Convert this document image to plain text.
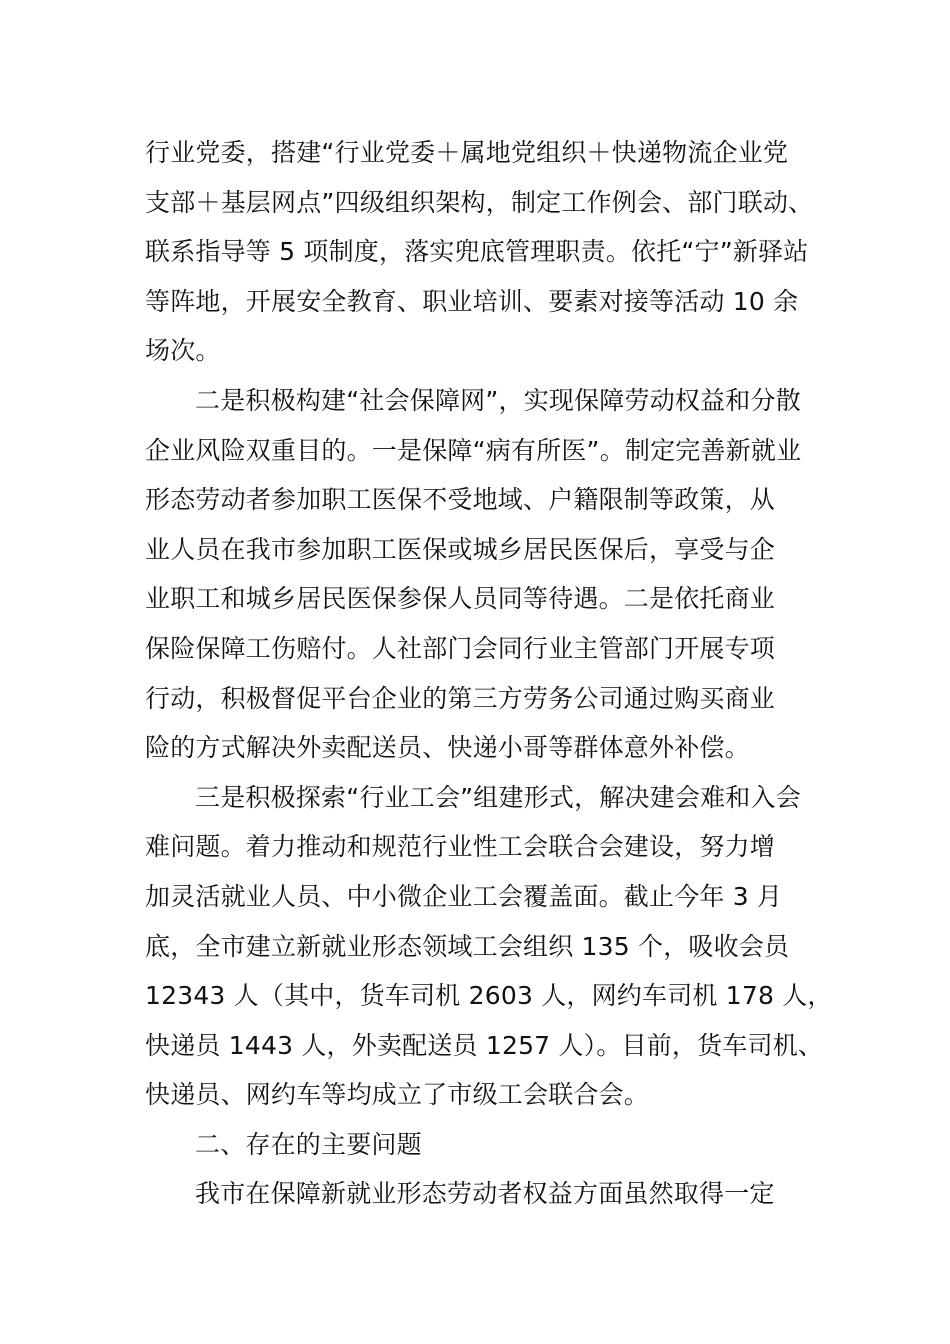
行业党委，搭建“行业党委＋属地党组织＋快递物流企业党
支部＋基层网点”四级组织架构，制定工作例会、部门联动、
联系指导等 5 项制度，落实兜底管理职责。依托“宁”新驿站
等阵地，开展安全教育、职业培训、要素对接等活动 10 余
场次。
二是积极构建“社会保障网”，实现保障劳动权益和分散
企业风险双重目的。一是保障“病有所医”。制定完善新就业
形态劳动者参加职工医保不受地域、户籍限制等政策，从
业人员在我市参加职工医保或城乡居民医保后，享受与企
业职工和城乡居民医保参保人员同等待遇。二是依托商业
保险保障工伤赔付。人社部门会同行业主管部门开展专项
行动，积极督促平台企业的第三方劳务公司通过购买商业
险的方式解决外卖配送员、快递小哥等群体意外补偿。
三是积极探索“行业工会”组建形式，解决建会难和入会
难问题。着力推动和规范行业性工会联合会建设，努力增
加灵活就业人员、中小微企业工会覆盖面。截止今年 3 月
底，全市建立新就业形态领域工会组织 135 个，吸收会员
12343 人（其中，货车司机 2603 人，网约车司机 178 人，
快递员 1443 人，外卖配送员 1257 人）。目前，货车司机、
快递员、网约车等均成立了市级工会联合会。
二、存在的主要问题
我市在保障新就业形态劳动者权益方面虽然取得一定
